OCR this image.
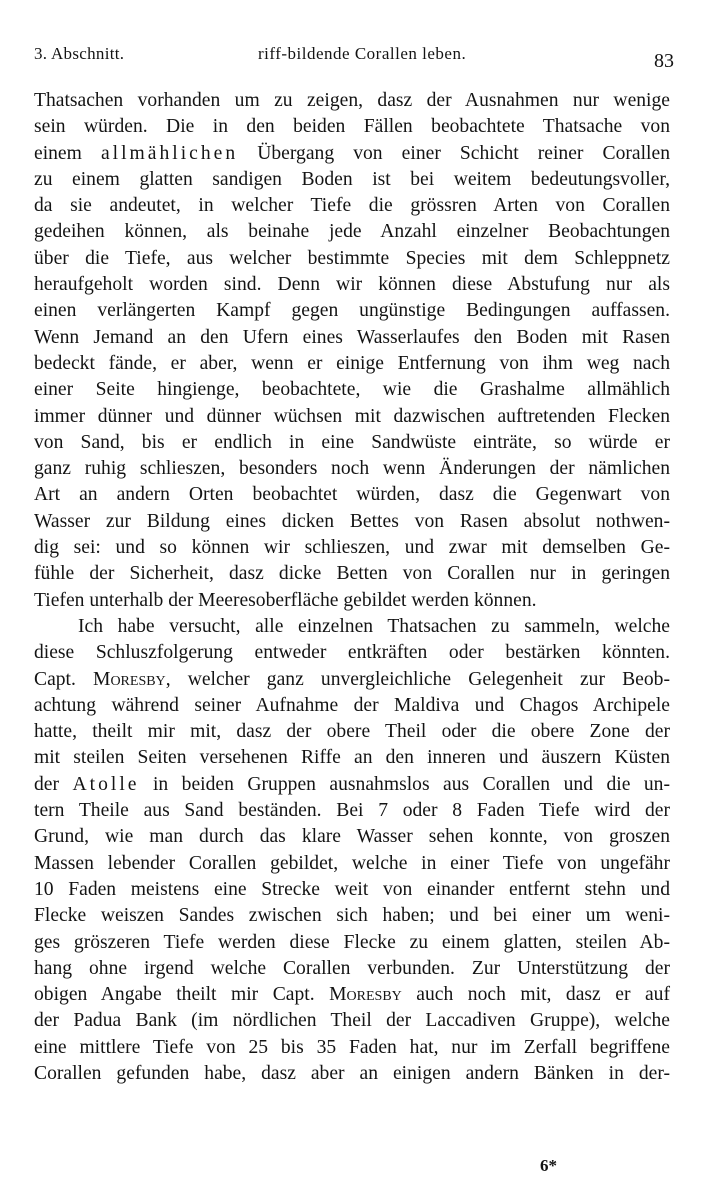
3. Abschnitt.	riff-bildende Corallen leben.	83
Thatsachen vorhanden um zu zeigen, dasz der Ausnahmen nur wenige
sein würden. Die in den beiden Fällen beobachtete Thatsache von
einem allmählichen Übergang von einer Schicht reiner Corallen
zu einem glatten sandigen Boden ist bei weitem bedeutungsvoller,
da sie andeutet, in welcher Tiefe die grössren Arten von Corallen
gedeihen können, als beinahe jede Anzahl einzelner Beobachtungen
über die Tiefe, aus welcher bestimmte Species mit dem Schleppnetz
heraufgeholt worden sind. Denn wir können diese Abstufung nur als
einen verlängerten Kampf gegen ungünstige Bedingungen auffassen.
Wenn Jemand an den Ufern eines Wasserlaufes den Boden mit Rasen
bedeckt fände, er aber, wenn er einige Entfernung von ihm weg nach
einer Seite hingienge, beobachtete, wie die Grashalme allmählich
immer dünner und dünner wüchsen mit dazwischen auftretenden Flecken
von Sand, bis er endlich in eine Sandwüste einträte, so würde er
ganz ruhig schlieszen, besonders noch wenn Änderungen der nämlichen
Art an andern Orten beobachtet würden, dasz die Gegenwart von
Wasser zur Bildung eines dicken Bettes von Rasen absolut nothwen-
dig sei: und so können wir schlieszen, und zwar mit demselben Ge-
fühle der Sicherheit, dasz dicke Betten von Corallen nur in geringen
Tiefen unterhalb der Meeresoberfläche gebildet werden können.
Ich habe versucht, alle einzelnen Thatsachen zu sammeln, welche
diese Schluszfolgerung entweder entkräften oder bestärken könnten.
Capt. Moresby, welcher ganz unvergleichliche Gelegenheit zur Beob-
achtung während seiner Aufnahme der Maldiva und Chagos Archipele
hatte, theilt mir mit, dasz der obere Theil oder die obere Zone der
mit steilen Seiten versehenen Riffe an den inneren und äuszern Küsten
der Atolle in beiden Gruppen ausnahmslos aus Corallen und die un-
tern Theile aus Sand beständen. Bei 7 oder 8 Faden Tiefe wird der
Grund, wie man durch das klare Wasser sehen konnte, von groszen
Massen lebender Corallen gebildet, welche in einer Tiefe von ungefähr
10 Faden meistens eine Strecke weit von einander entfernt stehn und
Flecke weiszen Sandes zwischen sich haben; und bei einer um weni-
ges gröszeren Tiefe werden diese Flecke zu einem glatten, steilen Ab-
hang ohne irgend welche Corallen verbunden. Zur Unterstützung der
obigen Angabe theilt mir Capt. Moresby auch noch mit, dasz er auf
der Padua Bank (im nördlichen Theil der Laccadiven Gruppe), welche
eine mittlere Tiefe von 25 bis 35 Faden hat, nur im Zerfall begriffene
Corallen gefunden habe, dasz aber an einigen andern Bänken in der-
6*
